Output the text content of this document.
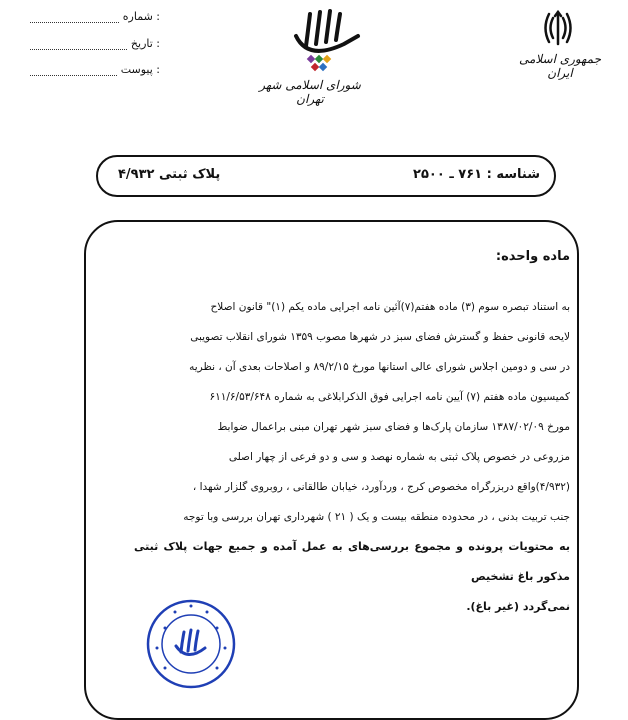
شماره :
تاریخ :
پیوست :
شورای اسلامی شهر تهران
جمهوری اسلامی ایران
شناسه : ۷۶۱ ـ ۲۵۰۰
پلاک ثبتی ۴/۹۳۲
ماده واحده:

به استناد تبصره سوم (۳) ماده هفتم(۷)آئین نامه اجرایی ماده یکم (۱)" قانون اصلاح

لایحه قانونی حفظ و گسترش فضای سبز در شهرها مصوب ۱۳۵۹ شورای انقلاب تصویبی

در سی و دومین اجلاس شورای عالی استانها مورخ ۸۹/۲/۱۵ و اصلاحات بعدی آن ، نظریه

کمیسیون ماده هفتم (۷) آیین نامه اجرایی فوق الذکرابلاغی به شماره ۶۱۱/۶/۵۳/۶۴۸

مورخ ۱۳۸۷/۰۲/۰۹ سازمان پارک‌ها و فضای سبز شهر تهران مبنی براعمال ضوابط

مزروعی در خصوص پلاک ثبتی به شماره نهصد و سی و دو فرعی از چهار اصلی

(۴/۹۳۲)واقع دربزرگراه مخصوص کرج ، وردآورد، خیابان طالقانی ، روبروی گلزار شهدا ،

جنب تربیت بدنی ، در محدوده منطقه بیست و یک ( ۲۱ ) شهرداری تهران بررسی وبا توجه

به محتویات پرونده و مجموع بررسی‌های به عمل آمده و جمیع جهات پلاک ثبتی مذکور باغ تشخیص

نمی‌گردد (غیر باغ).
